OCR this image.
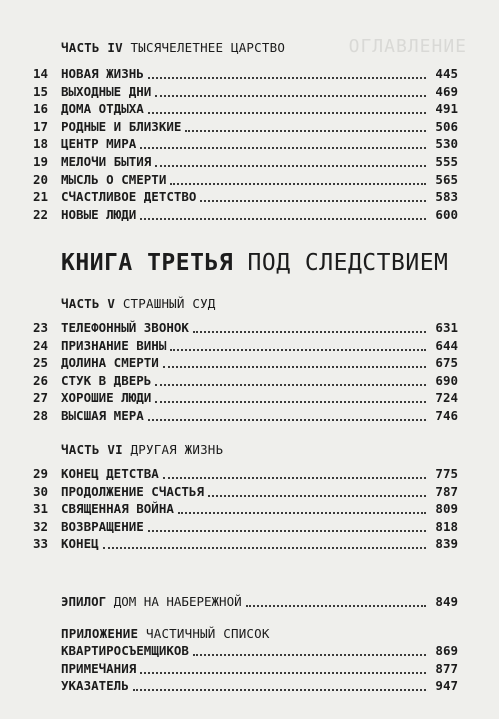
ОГЛАВЛЕНИЕ
ЧАСТЬ IV ТЫСЯЧЕЛЕТНЕЕ ЦАРСТВО
14	НОВАЯ ЖИЗНЬ	445
15	ВЫХОДНЫЕ ДНИ	469
16	ДОМА ОТДЫХА	491
17	РОДНЫЕ И БЛИЗКИЕ	506
18	ЦЕНТР МИРА	530
19	МЕЛОЧИ БЫТИЯ	555
20	МЫСЛЬ О СМЕРТИ	565
21	СЧАСТЛИВОЕ ДЕТСТВО	583
22	НОВЫЕ ЛЮДИ	600
КНИГА ТРЕТЬЯ ПОД СЛЕДСТВИЕМ
ЧАСТЬ V СТРАШНЫЙ СУД
23	ТЕЛЕФОННЫЙ ЗВОНОК	631
24	ПРИЗНАНИЕ ВИНЫ	644
25	ДОЛИНА СМЕРТИ	675
26	СТУК В ДВЕРЬ	690
27	ХОРОШИЕ ЛЮДИ	724
28	ВЫСШАЯ МЕРА	746
ЧАСТЬ VI ДРУГАЯ ЖИЗНЬ
29	КОНЕЦ ДЕТСТВА	775
30	ПРОДОЛЖЕНИЕ СЧАСТЬЯ	787
31	СВЯЩЕННАЯ ВОЙНА	809
32	ВОЗВРАЩЕНИЕ	818
33	КОНЕЦ	839
ЭПИЛОГ ДОМ НА НАБЕРЕЖНОЙ	849
ПРИЛОЖЕНИЕ ЧАСТИЧНЫЙ СПИСОК
КВАРТИРОСЪЕМЩИКОВ	869
ПРИМЕЧАНИЯ	877
УКАЗАТЕЛЬ	947
